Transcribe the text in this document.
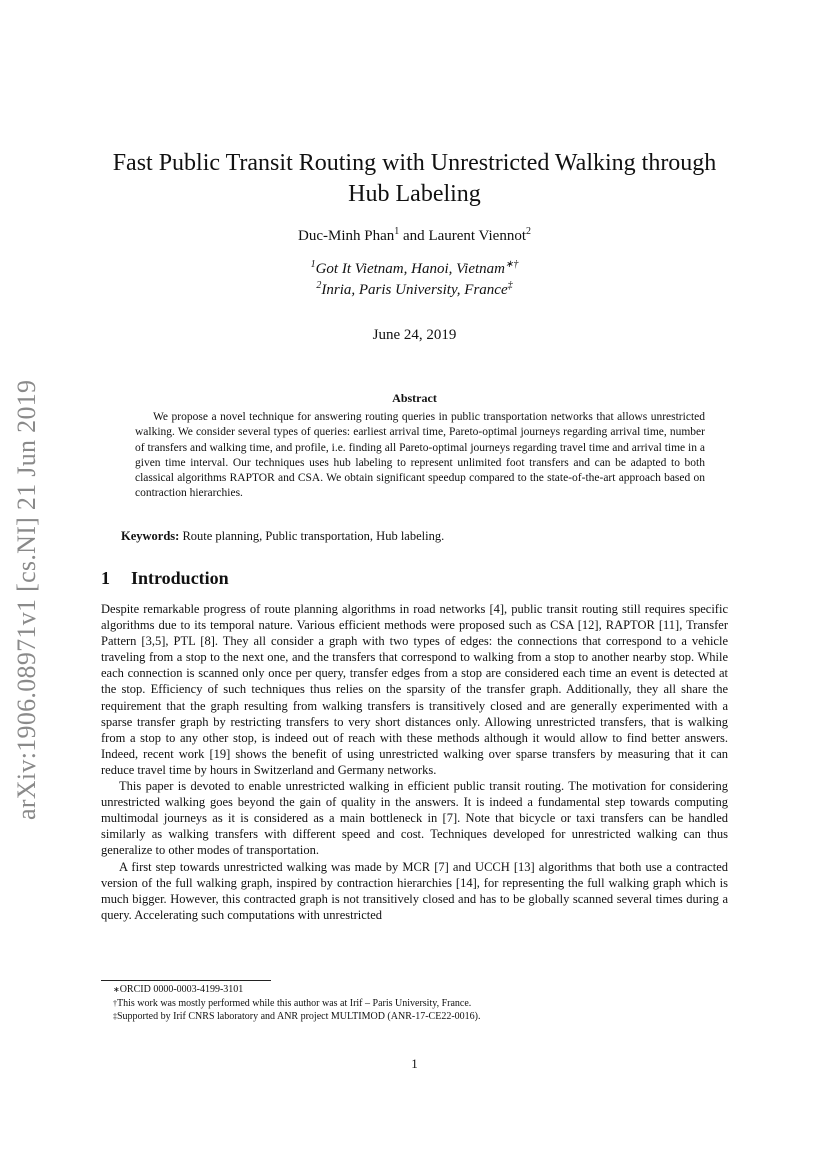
arXiv:1906.08971v1 [cs.NI] 21 Jun 2019
Fast Public Transit Routing with Unrestricted Walking through Hub Labeling
Duc-Minh Phan$^1$ and Laurent Viennot$^2$
$^1$Got It Vietnam, Hanoi, Vietnam∗†
$^2$Inria, Paris University, France‡
June 24, 2019
Abstract
We propose a novel technique for answering routing queries in public transportation networks that allows unrestricted walking. We consider several types of queries: earliest arrival time, Pareto-optimal journeys regarding arrival time, number of transfers and walking time, and profile, i.e. finding all Pareto-optimal journeys regarding travel time and arrival time in a given time interval. Our techniques uses hub labeling to represent unlimited foot transfers and can be adapted to both classical algorithms RAPTOR and CSA. We obtain significant speedup compared to the state-of-the-art approach based on contraction hierarchies.
Keywords: Route planning, Public transportation, Hub labeling.
1 Introduction

Despite remarkable progress of route planning algorithms in road networks [4], public transit routing still requires specific algorithms due to its temporal nature. Various efficient methods were proposed such as CSA [12], RAPTOR [11], Transfer Pattern [3,5], PTL [8]. They all consider a graph with two types of edges: the connections that correspond to a vehicle traveling from a stop to the next one, and the transfers that correspond to walking from a stop to another nearby stop. While each connection is scanned only once per query, transfer edges from a stop are considered each time an event is detected at the stop. Efficiency of such techniques thus relies on the sparsity of the transfer graph. Additionally, they all share the requirement that the graph resulting from walking transfers is transitively closed and are generally experimented with a sparse transfer graph by restricting transfers to very short distances only. Allowing unrestricted transfers, that is walking from a stop to any other stop, is indeed out of reach with these methods although it would allow to find better answers. Indeed, recent work [19] shows the benefit of using unrestricted walking over sparse transfers by measuring that it can reduce travel time by hours in Switzerland and Germany networks.

This paper is devoted to enable unrestricted walking in efficient public transit routing. The motivation for considering unrestricted walking goes beyond the gain of quality in the answers. It is indeed a fundamental step towards computing multimodal journeys as it is considered as a main bottleneck in [7]. Note that bicycle or taxi transfers can be handled similarly as walking transfers with different speed and cost. Techniques developed for unrestricted walking can thus generalize to other modes of transportation.

A first step towards unrestricted walking was made by MCR [7] and UCCH [13] algorithms that both use a contracted version of the full walking graph, inspired by contraction hierarchies [14], for representing the full walking graph which is much bigger. However, this contracted graph is not transitively closed and has to be globally scanned several times during a query. Accelerating such computations with unrestricted

∗ORCID 0000-0003-4199-3101
†This work was mostly performed while this author was at Irif – Paris University, France.
‡Supported by Irif CNRS laboratory and ANR project MULTIMOD (ANR-17-CE22-0016).
1
